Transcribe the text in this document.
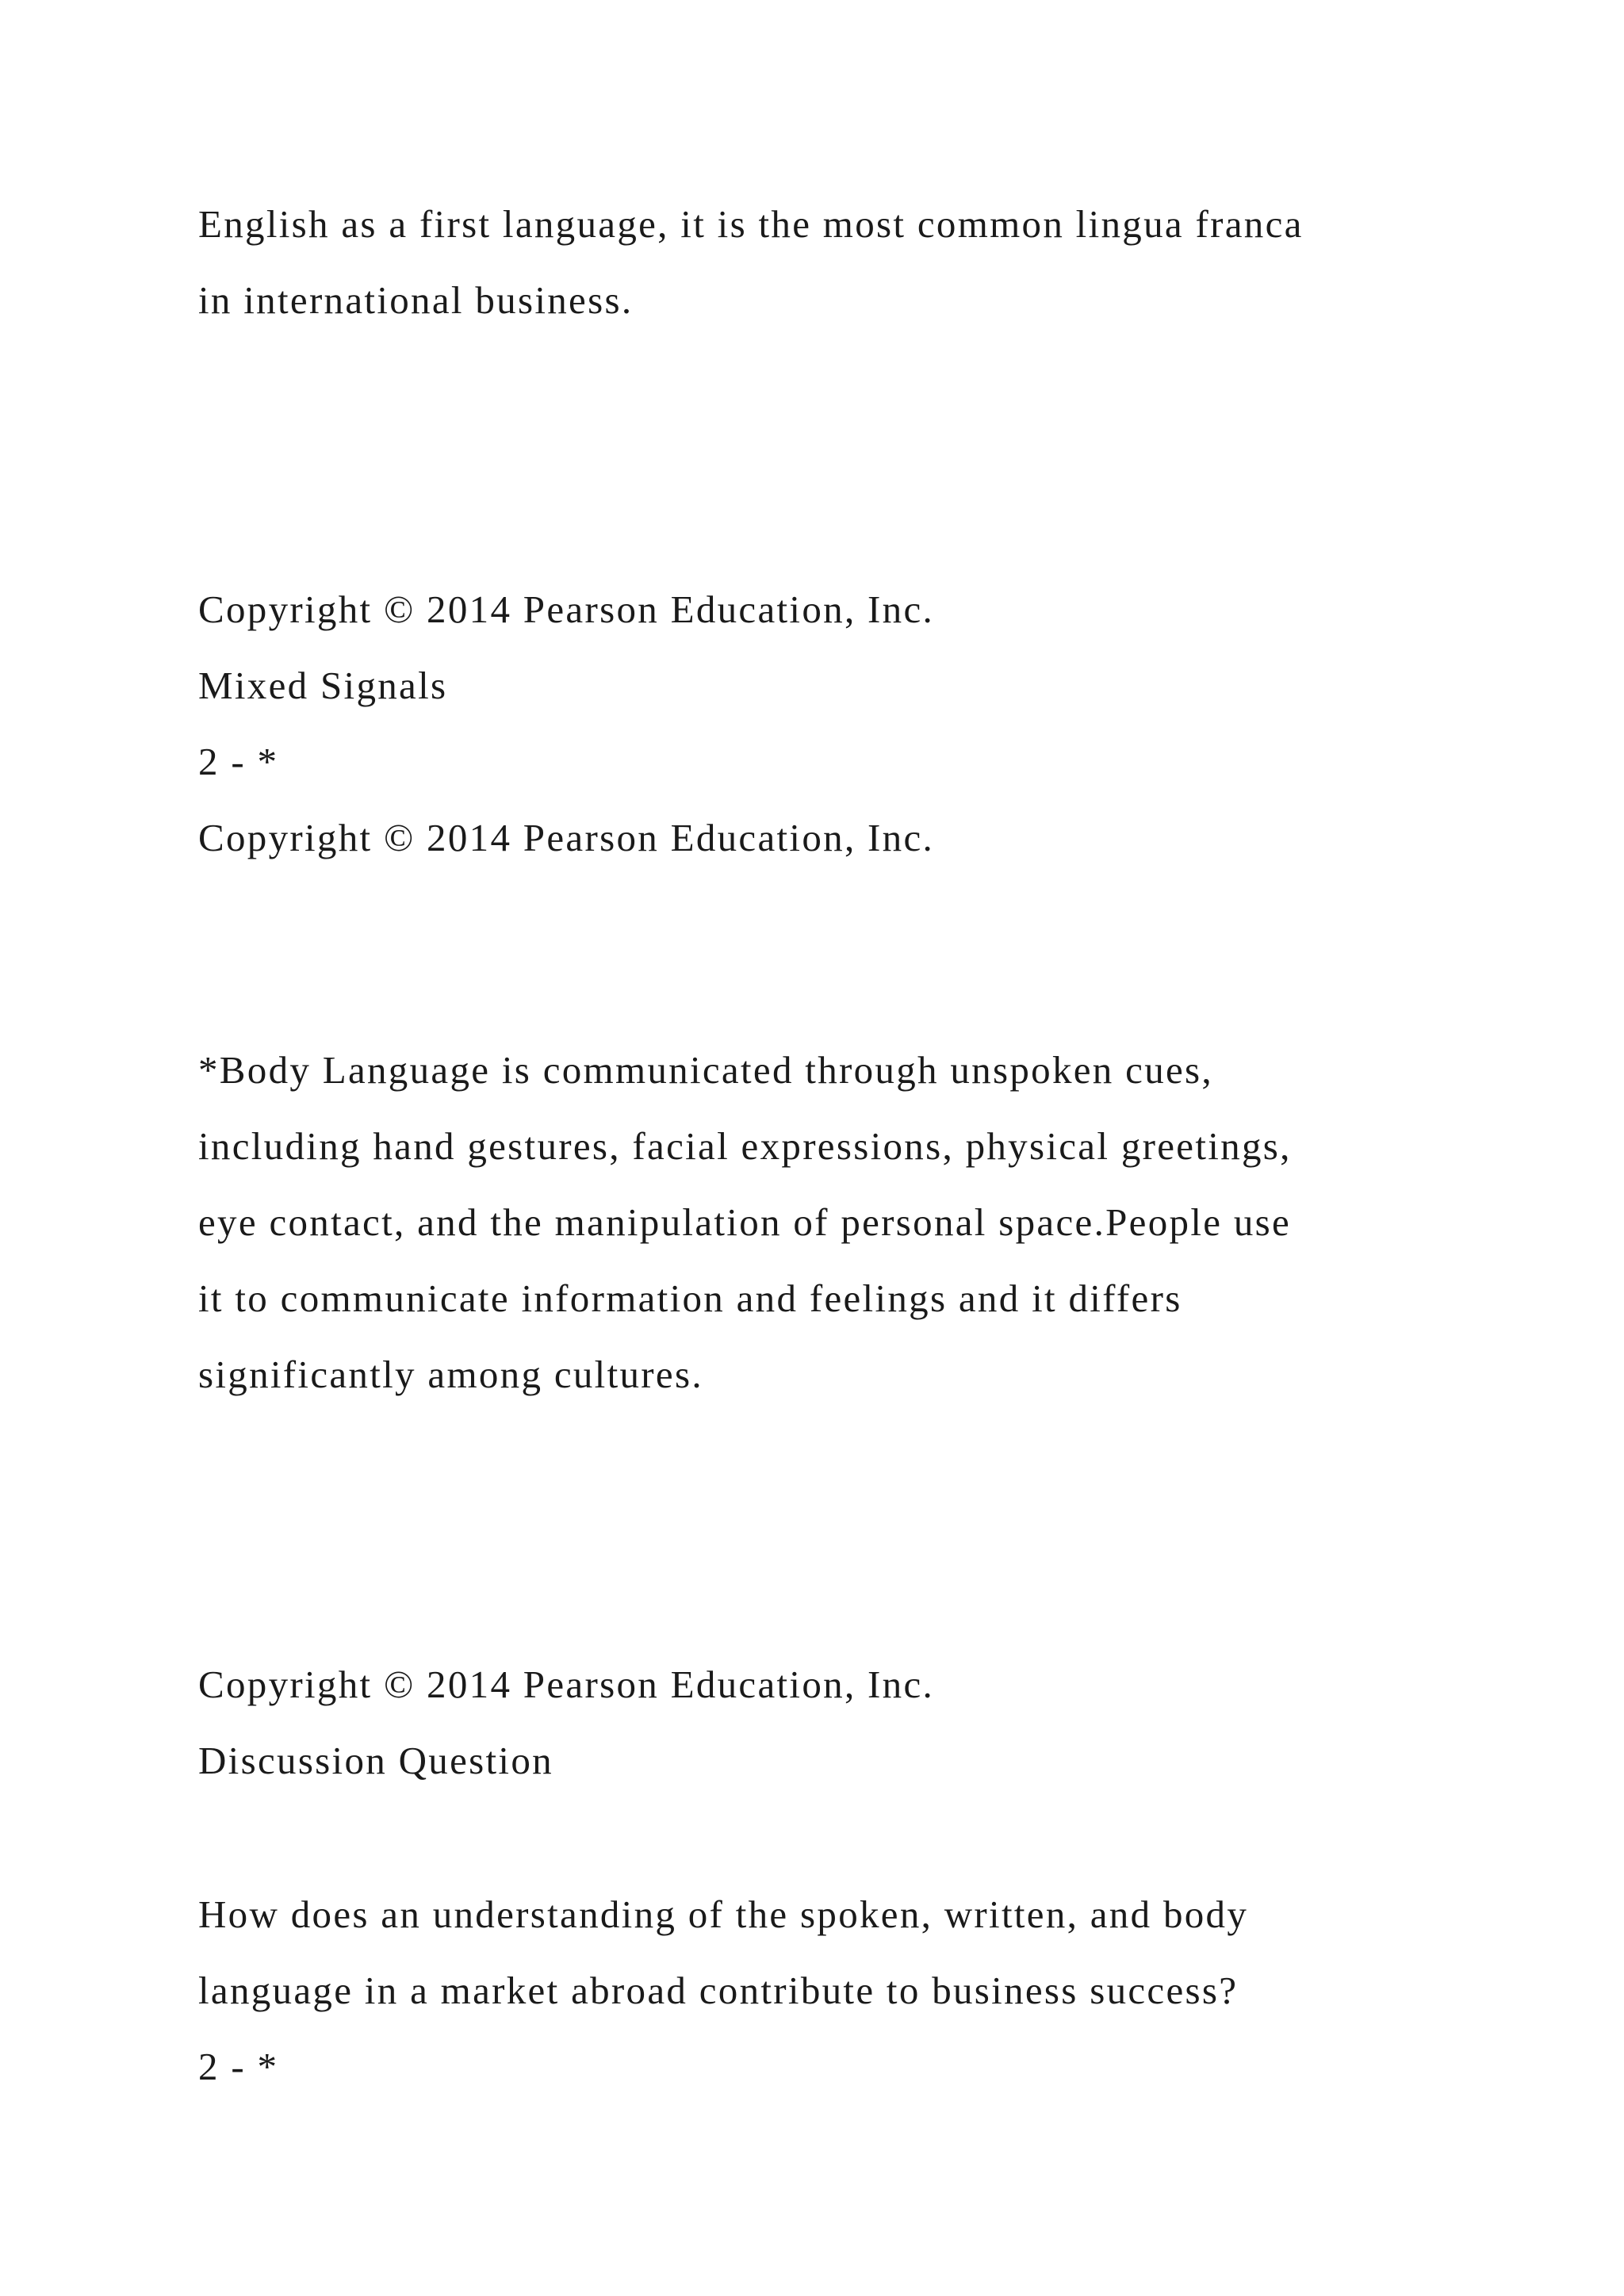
English as a first language, it is the most common lingua franca

in international business.

Copyright © 2014 Pearson Education, Inc.

Mixed Signals

2 - *

Copyright © 2014 Pearson Education, Inc.

*Body Language is communicated through unspoken cues,

including hand gestures, facial expressions, physical greetings,

eye contact, and the manipulation of personal space.People use

it to communicate information and feelings and it differs

significantly among cultures.

Copyright © 2014 Pearson Education, Inc.

Discussion Question

How does an understanding of the spoken, written, and body

language in a market abroad contribute to business success?

2 - *
